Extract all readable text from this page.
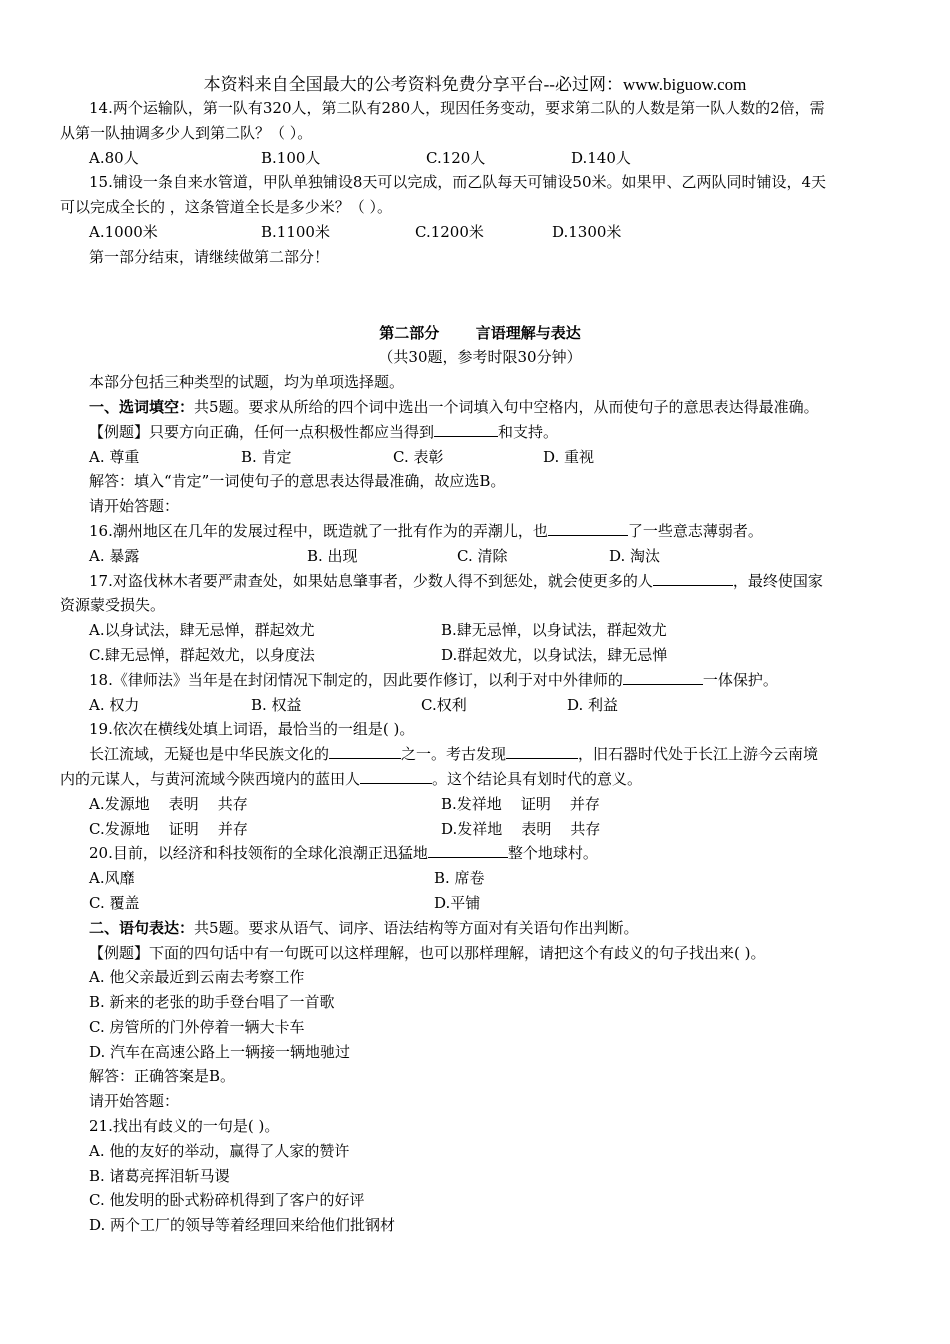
本资料来自全国最大的公考资料免费分享平台--必过网：www.biguow.com
14.两个运输队，第一队有320人，第二队有280人，现因任务变动，要求第二队的人数是第一队人数的2倍，需
从第一队抽调多少人到第二队？（ ）。
A.80人	B.100人	C.120人	D.140人
15.铺设一条自来水管道，甲队单独铺设8天可以完成，而乙队每天可铺设50米。如果甲、乙两队同时铺设，4天
可以完成全长的 ，这条管道全长是多少米？（ ）。
A.1000米	B.1100米	C.1200米	D.1300米
第一部分结束，请继续做第二部分！
第二部分       言语理解与表达
（共30题，参考时限30分钟）
本部分包括三种类型的试题，均为单项选择题。
一、选词填空：共5题。要求从所给的四个词中选出一个词填入句中空格内，从而使句子的意思表达得最准确。
【例题】只要方向正确，任何一点积极性都应当得到	和支持。
A. 尊重	B. 肯定	C. 表彰	D. 重视
解答：填入“肯定”一词使句子的意思表达得最准确，故应选B。
请开始答题：
16.潮州地区在几年的发展过程中，既造就了一批有作为的弄潮儿，也	了一些意志薄弱者。
A. 暴露	B. 出现	C. 清除	D. 淘汰
17.对盗伐林木者要严肃查处，如果姑息肇事者，少数人得不到惩处，就会使更多的人	，最终使国家
资源蒙受损失。
A.以身试法，肆无忌惮，群起效尤	B.肆无忌惮，以身试法，群起效尤
C.肆无忌惮，群起效尤，以身度法	D.群起效尤，以身试法，肆无忌惮
18.《律师法》当年是在封闭情况下制定的，因此要作修订，以利于对中外律师的	一体保护。
A. 权力	B. 权益	C.权利	D. 利益
19.依次在横线处填上词语，最恰当的一组是( )。
长江流域，无疑也是中华民族文化的	之一。考古发现	，旧石器时代处于长江上游今云南境
内的元谋人，与黄河流域今陕西境内的蓝田人	。这个结论具有划时代的意义。
A.发源地    表明    共存	B.发祥地    证明    并存
C.发源地    证明    并存	D.发祥地    表明    共存
20.目前，以经济和科技领衔的全球化浪潮正迅猛地	整个地球村。
A.风靡	B. 席卷
C. 覆盖	D.平铺
二、语句表达：共5题。要求从语气、词序、语法结构等方面对有关语句作出判断。
【例题】下面的四句话中有一句既可以这样理解，也可以那样理解，请把这个有歧义的句子找出来( )。
A. 他父亲最近到云南去考察工作
B. 新来的老张的助手登台唱了一首歌
C. 房管所的门外停着一辆大卡车
D. 汽车在高速公路上一辆接一辆地驰过
解答：正确答案是B。
请开始答题：
21.找出有歧义的一句是( )。
A. 他的友好的举动，赢得了人家的赞许
B. 诸葛亮挥泪斩马谡
C. 他发明的卧式粉碎机得到了客户的好评
D. 两个工厂的领导等着经理回来给他们批钢材
